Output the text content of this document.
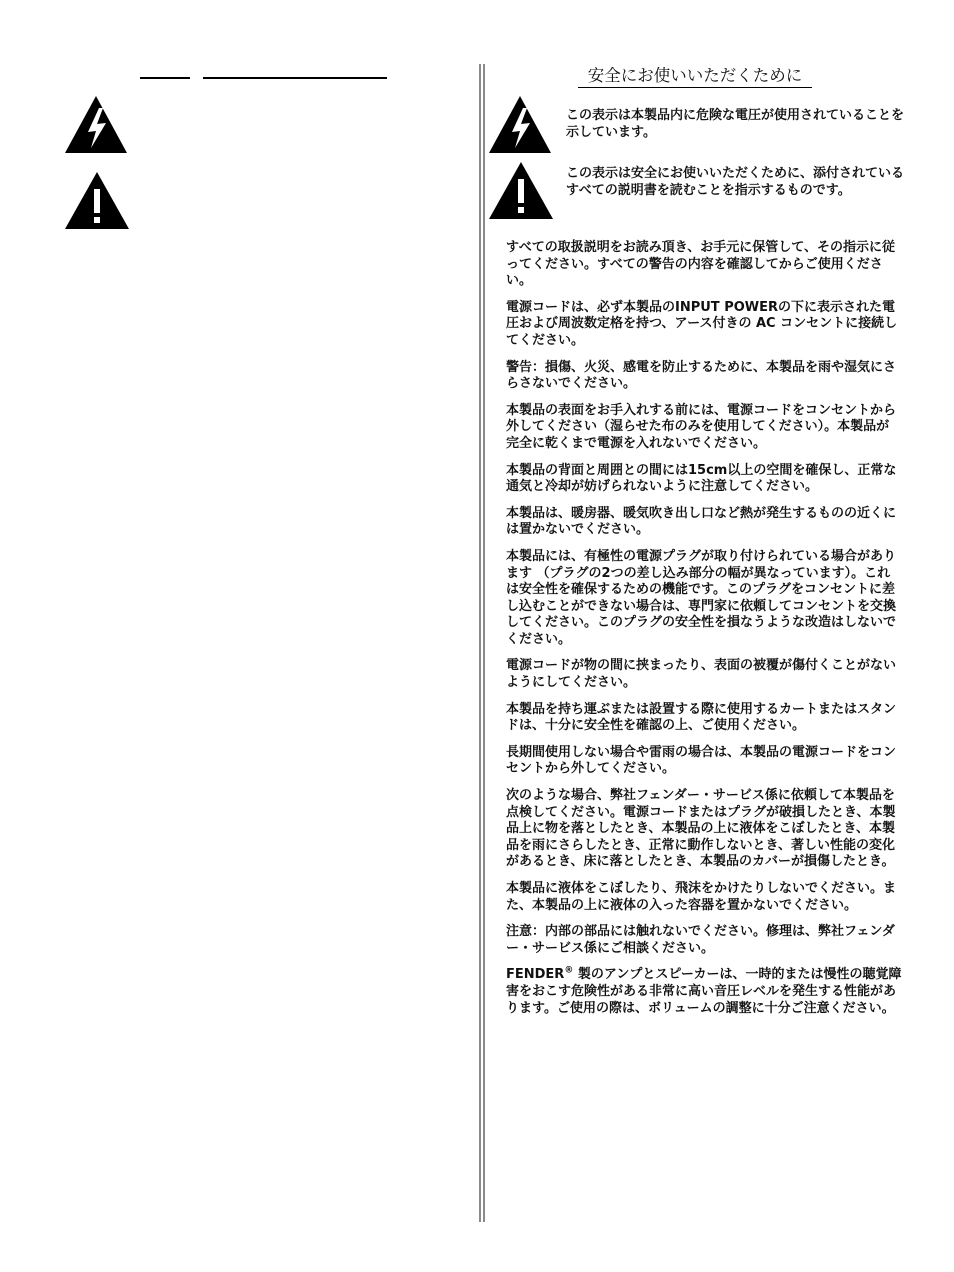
安全にお使いいただくために
この表示は本製品内に危険な電圧が使用されていることを示しています。
この表示は安全にお使いいただくために、添付されているすべての説明書を読むことを指示するものです。

すべての取扱説明をお読み頂き、お手元に保管して、その指示に従ってください。すべての警告の内容を確認してからご使用ください。

電源コードは、必ず本製品のINPUT POWERの下に表示された電圧および周波数定格を持つ、アース付きの AC コンセントに接続してください。

警告：損傷、火災、感電を防止するために、本製品を雨や湿気にさらさないでください。

本製品の表面をお手入れする前には、電源コードをコンセントから外してください（湿らせた布のみを使用してください）。本製品が完全に乾くまで電源を入れないでください。

本製品の背面と周囲との間には15cm以上の空間を確保し、正常な通気と冷却が妨げられないように注意してください。

本製品は、暖房器、暖気吹き出し口など熱が発生するものの近くには置かないでください。

本製品には、有極性の電源プラグが取り付けられている場合があります （プラグの2つの差し込み部分の幅が異なっています）。これは安全性を確保するための機能です。このプラグをコンセントに差し込むことができない場合は、専門家に依頼してコンセントを交換してください。このプラグの安全性を損なうような改造はしないでください。

電源コードが物の間に挟まったり、表面の被覆が傷付くことがないようにしてください。

本製品を持ち運ぶまたは設置する際に使用するカートまたはスタンドは、十分に安全性を確認の上、ご使用ください。

長期間使用しない場合や雷雨の場合は、本製品の電源コードをコンセントから外してください。

次のような場合、弊社フェンダー・サービス係に依頼して本製品を点検してください。電源コードまたはプラグが破損したとき、本製品上に物を落としたとき、本製品の上に液体をこぼしたとき、本製品を雨にさらしたとき、正常に動作しないとき、著しい性能の変化があるとき、床に落としたとき、本製品のカバーが損傷したとき。

本製品に液体をこぼしたり、飛沫をかけたりしないでください。また、本製品の上に液体の入った容器を置かないでください。

注意：内部の部品には触れないでください。修理は、弊社フェンダー・サービス係にご相談ください。

FENDER® 製のアンプとスピーカーは、一時的または慢性の聴覚障害をおこす危険性がある非常に高い音圧レベルを発生する性能があります。ご使用の際は、ボリュームの調整に十分ご注意ください。
